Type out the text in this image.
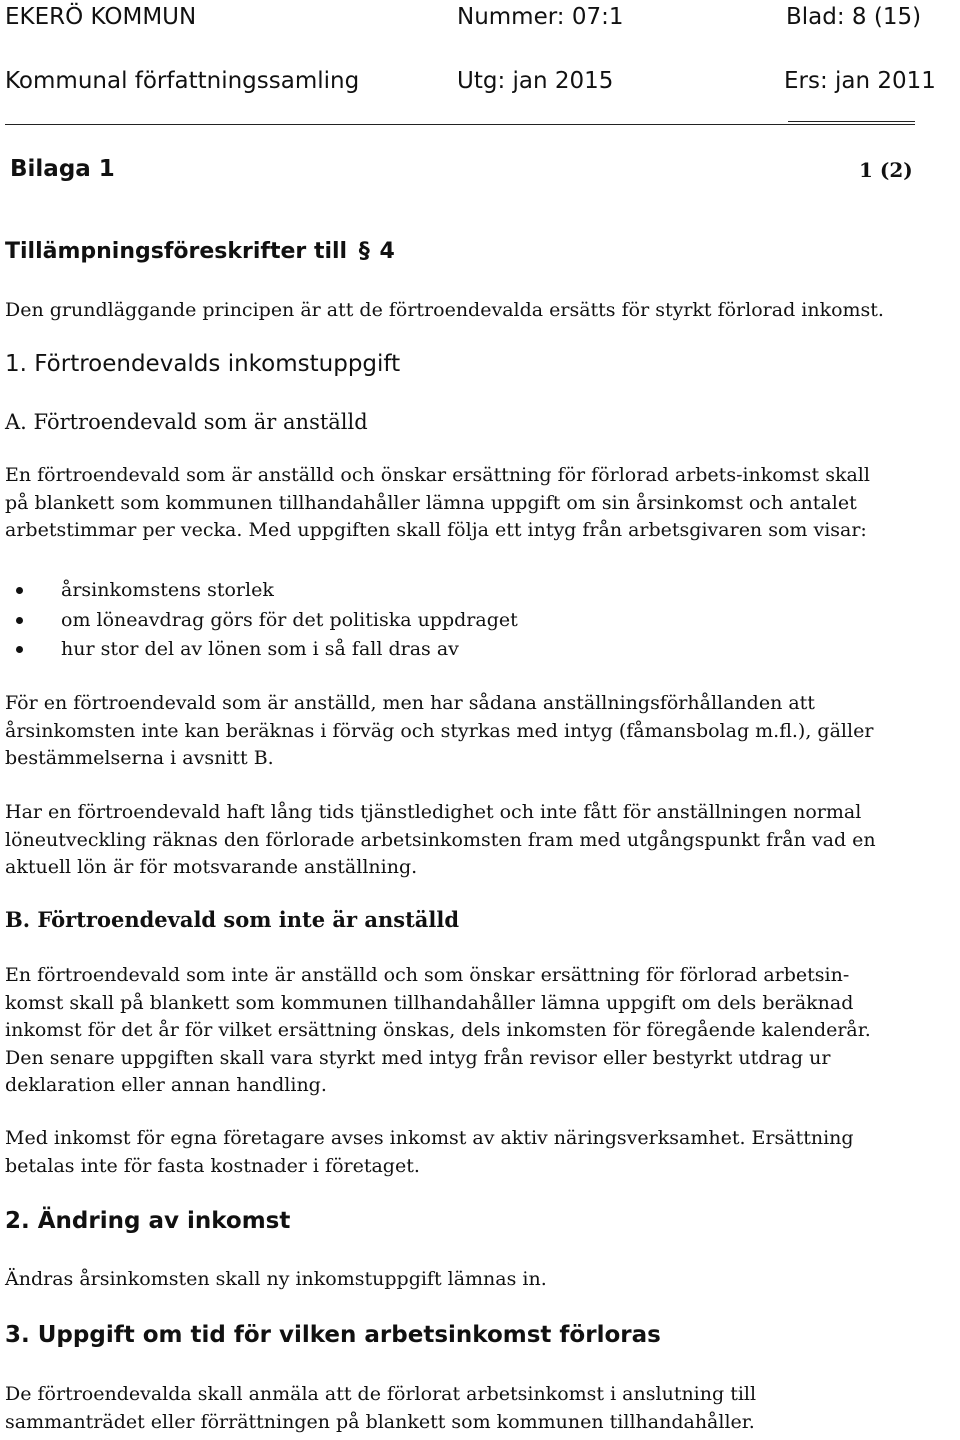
EKERÖ KOMMUN	Nummer: 07:1	Blad: 8 (15)
Kommunal författningssamling	Utg: jan 2015	Ers: jan 2011
Bilaga 1	1 (2)
Tillämpningsföreskrifter till § 4
Den grundläggande principen är att de förtroendevalda ersätts för styrkt förlorad inkomst.
1. Förtroendevalds inkomstuppgift
A. Förtroendevald som är anställd
En förtroendevald som är anställd och önskar ersättning för förlorad arbets-inkomst skall
på blankett som kommunen tillhandahåller lämna uppgift om sin årsinkomst och antalet
arbetstimmar per vecka. Med uppgiften skall följa ett intyg från arbetsgivaren som visar:
årsinkomstens storlek
om löneavdrag görs för det politiska uppdraget
hur stor del av lönen som i så fall dras av
För en förtroendevald som är anställd, men har sådana anställningsförhållanden att
årsinkomsten inte kan beräknas i förväg och styrkas med intyg (fåmansbolag m.fl.), gäller
bestämmelserna i avsnitt B.
Har en förtroendevald haft lång tids tjänstledighet och inte fått för anställningen normal
löneutveckling räknas den förlorade arbetsinkomsten fram med utgångspunkt från vad en
aktuell lön är för motsvarande anställning.
B. Förtroendevald som inte är anställd
En förtroendevald som inte är anställd och som önskar ersättning för förlorad arbetsin-
komst skall på blankett som kommunen tillhandahåller lämna uppgift om dels beräknad
inkomst för det år för vilket ersättning önskas, dels inkomsten för föregående kalenderår.
Den senare uppgiften skall vara styrkt med intyg från revisor eller bestyrkt utdrag ur
deklaration eller annan handling.
Med inkomst för egna företagare avses inkomst av aktiv näringsverksamhet. Ersättning
betalas inte för fasta kostnader i företaget.
2. Ändring av inkomst
Ändras årsinkomsten skall ny inkomstuppgift lämnas in.
3. Uppgift om tid för vilken arbetsinkomst förloras
De förtroendevalda skall anmäla att de förlorat arbetsinkomst i anslutning till
sammanträdet eller förrättningen på blankett som kommunen tillhandahåller.
